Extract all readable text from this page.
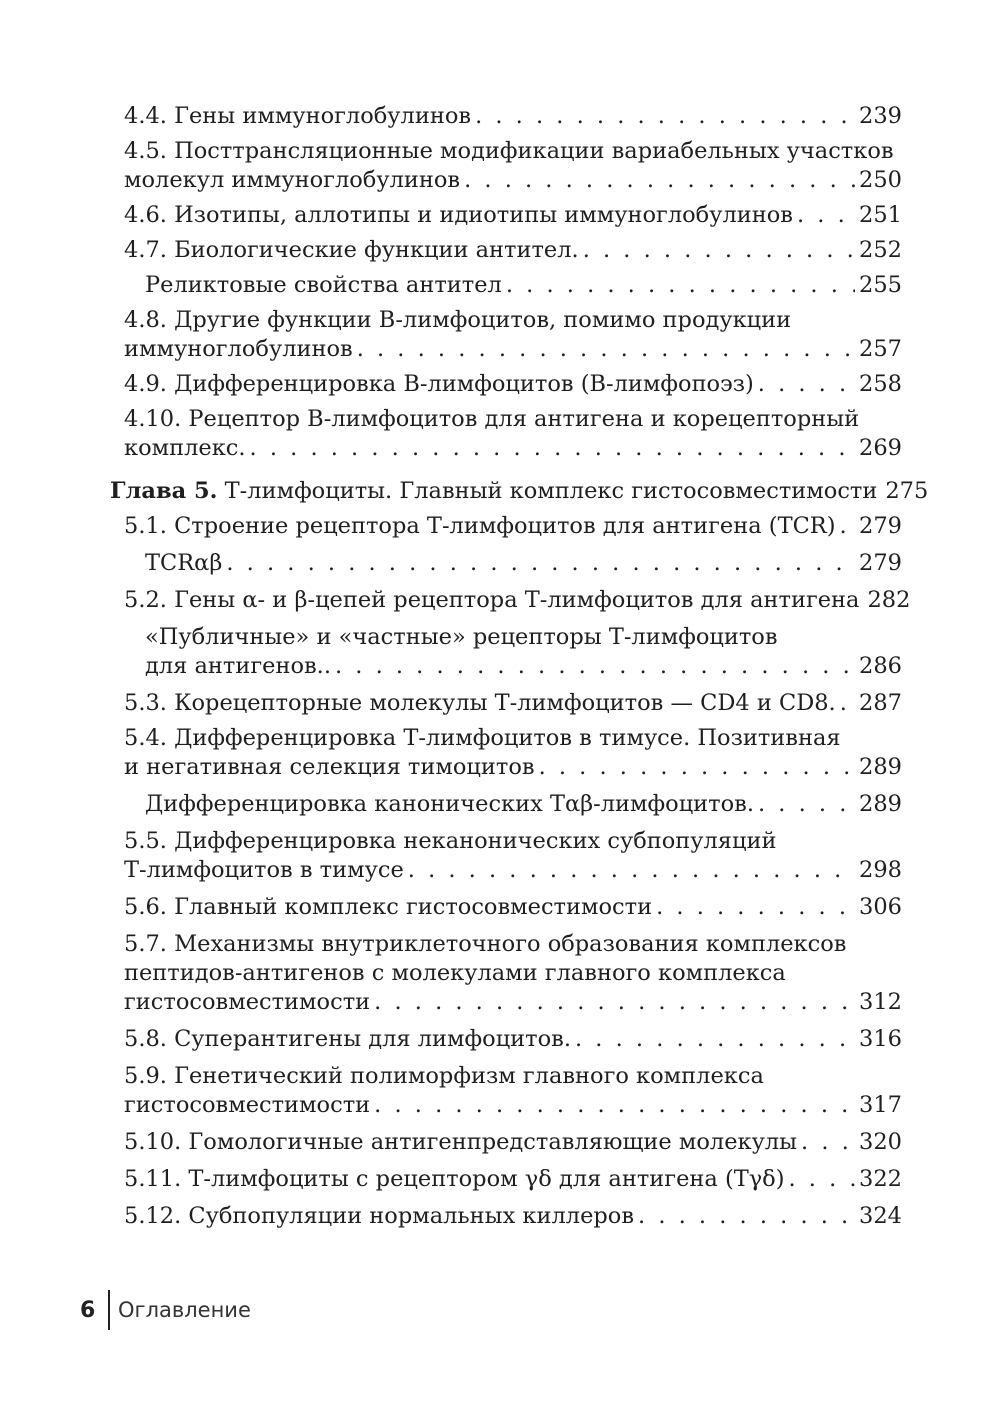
4.4. Гены иммуноглобулинов . . .	239
4.5. Посттрансляционные модификации вариабельных участков
молекул иммуноглобулинов . . .	250
4.6. Изотипы, аллотипы и идиотипы иммуноглобулинов . . .	251
4.7. Биологические функции антител. . . .	252
Реликтовые свойства антител . . .	255
4.8. Другие функции В-лимфоцитов, помимо продукции
иммуноглобулинов . . .	257
4.9. Дифференцировка В-лимфоцитов (В-лимфопоэз) . . .	258
4.10. Рецептор В-лимфоцитов для антигена и корецепторный
комплекс. . . .	269
Глава 5. Т-лимфоциты. Главный комплекс гистосовместимости 275
5.1. Строение рецептора Т-лимфоцитов для антигена (TCR) . . . 279
TCRαβ . . .	279
5.2. Гены α- и β-цепей рецептора Т-лимфоцитов для антигена 282
«Публичные» и «частные» рецепторы Т-лимфоцитов
для антигенов.. . . .	286
5.3. Корецепторные молекулы Т-лимфоцитов — CD4 и CD8. . . . 287
5.4. Дифференцировка Т-лимфоцитов в тимусе. Позитивная
и негативная селекция тимоцитов . . .	289
Дифференцировка канонических Тαβ-лимфоцитов. . . .	289
5.5. Дифференцировка неканонических субпопуляций
Т-лимфоцитов в тимусе . . .	298
5.6. Главный комплекс гистосовместимости . . .	306
5.7. Механизмы внутриклеточного образования комплексов
пептидов-антигенов с молекулами главного комплекса
гистосовместимости . . .	312
5.8. Суперантигены для лимфоцитов. . . .	316
5.9. Генетический полиморфизм главного комплекса
гистосовместимости . . .	317
5.10. Гомологичные антигенпредставляющие молекулы . . .	320
5.11. Т-лимфоциты с рецептором γδ для антигена (Тγδ) . . .	322
5.12. Субпопуляции нормальных киллеров . . .	324
6	Оглавление
